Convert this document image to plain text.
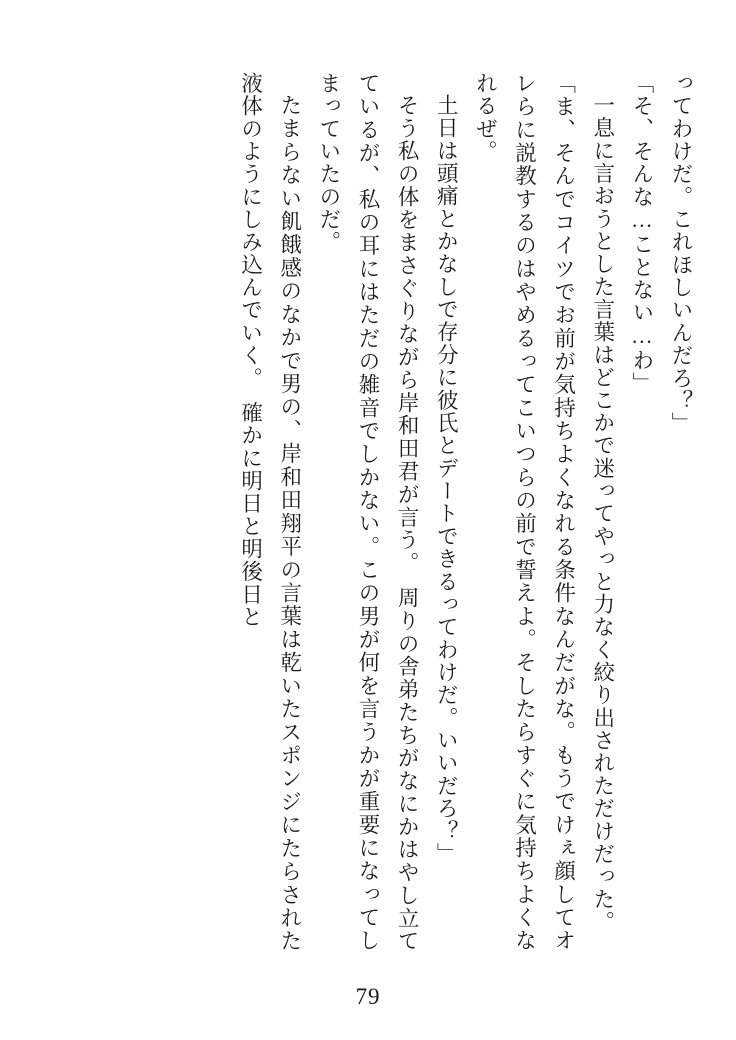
ってわけだ。これほしいんだろ？」

「そ、そんな…ことない…わ」

一息に言おうとした言葉はどこかで迷ってやっと力なく絞り出されただけだった。

「ま、そんでコイツでお前が気持ちよくなれる条件なんだがな。もうでけぇ顔してオレらに説教するのはやめるってこいつらの前で誓えよ。そしたらすぐに気持ちよくなれるぜ。

土日は頭痛とかなしで存分に彼氏とデートできるってわけだ。いいだろ？」

そう私の体をまさぐりながら岸和田君が言う。　周りの舎弟たちがなにかはやし立てているが、私の耳にはただの雑音でしかない。この男が何を言うかが重要になってしまっていたのだ。

たまらない飢餓感のなかで男の、岸和田翔平の言葉は乾いたスポンジにたらされた液体のようにしみ込んでいく。　確かに明日と明後日と

79
